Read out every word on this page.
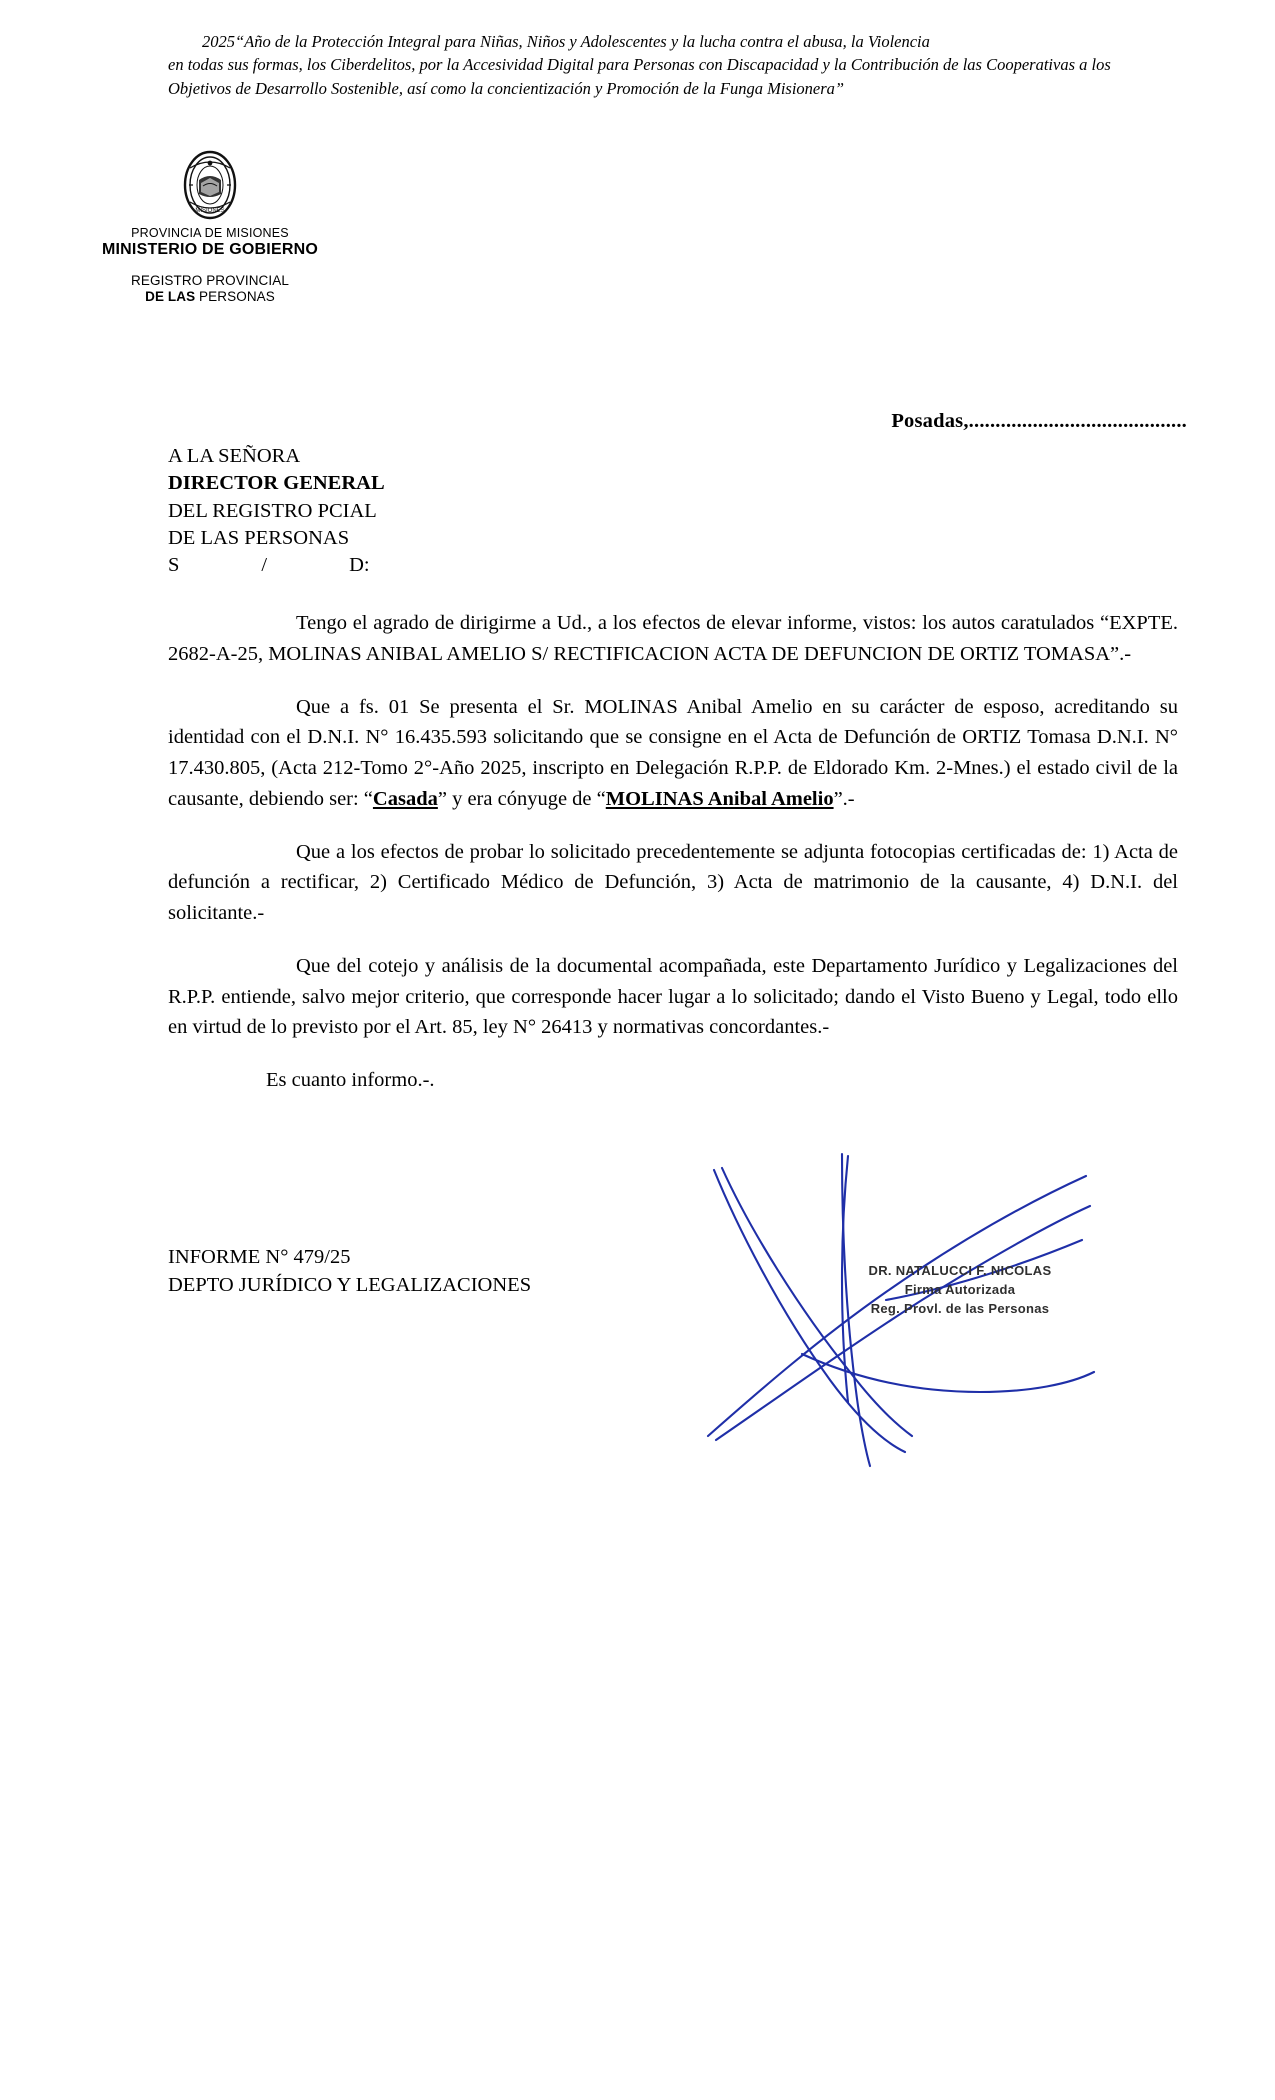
2025“Año de la Protección Integral para Niñas, Niños y Adolescentes y la lucha contra el abusa, la Violencia
en todas sus formas, los Ciberdelitos, por la Accesividad Digital para Personas con Discapacidad y la Contribución de las Cooperativas a los Objetivos de Desarrollo Sostenible, así como la concientización y Promoción de la Funga Misionera”
MISIONES
PROVINCIA DE MISIONES
MINISTERIO DE GOBIERNO
REGISTRO PROVINCIAL
DE LAS PERSONAS
Posadas,.........................................
A LA SEÑORA
DIRECTOR GENERAL
DEL REGISTRO PCIAL
DE LAS PERSONAS
S                /                D:

Tengo el agrado de dirigirme a Ud., a los efectos de elevar informe, vistos: los autos caratulados “EXPTE. 2682-A-25, MOLINAS ANIBAL AMELIO S/ RECTIFICACION ACTA DE DEFUNCION DE ORTIZ TOMASA”.-

Que a fs. 01 Se presenta el Sr. MOLINAS Anibal Amelio en su carácter de esposo, acreditando su identidad con el D.N.I. N° 16.435.593 solicitando que se consigne en el Acta de Defunción de ORTIZ Tomasa D.N.I. N° 17.430.805, (Acta 212-Tomo 2°-Año 2025, inscripto en Delegación R.P.P. de Eldorado Km. 2-Mnes.) el estado civil de la causante, debiendo ser: “Casada” y era cónyuge de “MOLINAS Anibal Amelio”.-

Que a los efectos de probar lo solicitado precedentemente se adjunta fotocopias certificadas de: 1) Acta de defunción a rectificar, 2) Certificado Médico de Defunción, 3) Acta de matrimonio de la causante, 4) D.N.I. del solicitante.-

Que del cotejo y análisis de la documental acompañada, este Departamento Jurídico y Legalizaciones del R.P.P. entiende, salvo mejor criterio, que corresponde hacer lugar a lo solicitado; dando el Visto Bueno y Legal, todo ello en virtud de lo previsto por el Art. 85, ley N° 26413 y normativas concordantes.-

Es cuanto informo.-.

DR. NATALUCCI F. NICOLAS
Firma Autorizada
Reg. Provl. de las Personas
INFORME N° 479/25
DEPTO JURÍDICO Y LEGALIZACIONES
